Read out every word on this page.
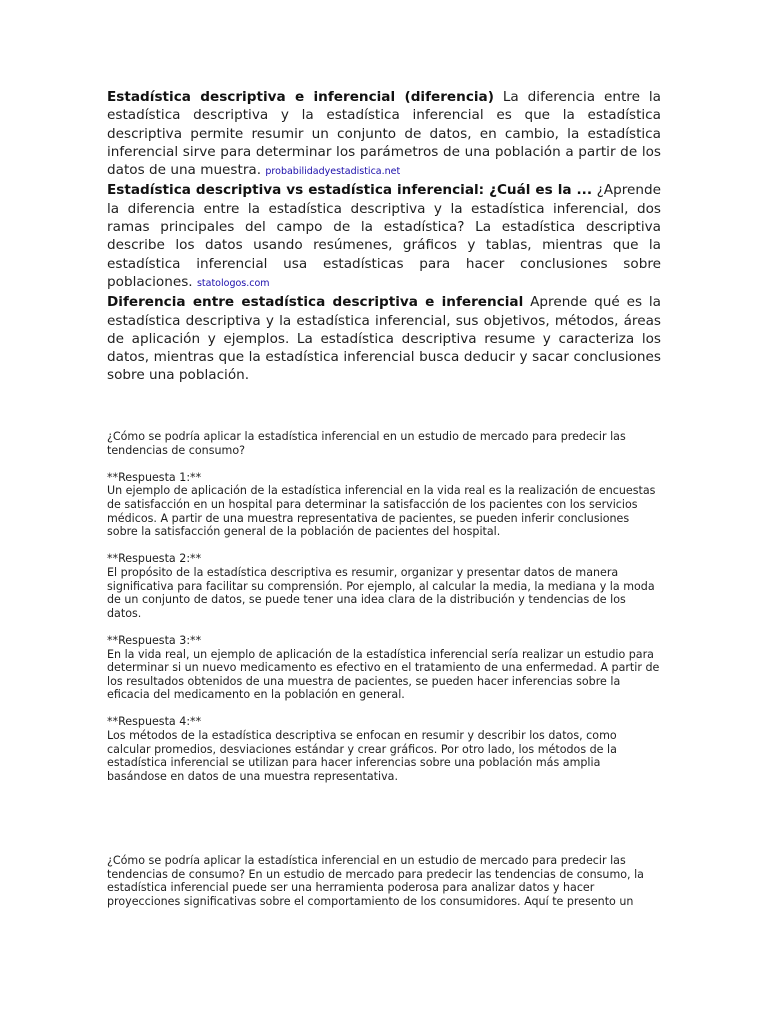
Estadística descriptiva e inferencial (diferencia) La diferencia entre la estadística descriptiva y la estadística inferencial es que la estadística descriptiva permite resumir un conjunto de datos, en cambio, la estadística inferencial sirve para determinar los parámetros de una población a partir de los datos de una muestra. probabilidadyestadistica.net

Estadística descriptiva vs estadística inferencial: ¿Cuál es la ... ¿Aprende la diferencia entre la estadística descriptiva y la estadística inferencial, dos ramas principales del campo de la estadística? La estadística descriptiva describe los datos usando resúmenes, gráficos y tablas, mientras que la estadística inferencial usa estadísticas para hacer conclusiones sobre poblaciones. statologos.com

Diferencia entre estadística descriptiva e inferencial Aprende qué es la estadística descriptiva y la estadística inferencial, sus objetivos, métodos, áreas de aplicación y ejemplos. La estadística descriptiva resume y caracteriza los datos, mientras que la estadística inferencial busca deducir y sacar conclusiones sobre una población.

¿Cómo se podría aplicar la estadística inferencial en un estudio de mercado para predecir las tendencias de consumo?

**Respuesta 1:**
Un ejemplo de aplicación de la estadística inferencial en la vida real es la realización de encuestas de satisfacción en un hospital para determinar la satisfacción de los pacientes con los servicios médicos. A partir de una muestra representativa de pacientes, se pueden inferir conclusiones sobre la satisfacción general de la población de pacientes del hospital.

**Respuesta 2:**
El propósito de la estadística descriptiva es resumir, organizar y presentar datos de manera significativa para facilitar su comprensión. Por ejemplo, al calcular la media, la mediana y la moda de un conjunto de datos, se puede tener una idea clara de la distribución y tendencias de los datos.

**Respuesta 3:**
En la vida real, un ejemplo de aplicación de la estadística inferencial sería realizar un estudio para determinar si un nuevo medicamento es efectivo en el tratamiento de una enfermedad. A partir de los resultados obtenidos de una muestra de pacientes, se pueden hacer inferencias sobre la eficacia del medicamento en la población en general.

**Respuesta 4:**
Los métodos de la estadística descriptiva se enfocan en resumir y describir los datos, como calcular promedios, desviaciones estándar y crear gráficos. Por otro lado, los métodos de la estadística inferencial se utilizan para hacer inferencias sobre una población más amplia basándose en datos de una muestra representativa.

¿Cómo se podría aplicar la estadística inferencial en un estudio de mercado para predecir las tendencias de consumo? En un estudio de mercado para predecir las tendencias de consumo, la estadística inferencial puede ser una herramienta poderosa para analizar datos y hacer proyecciones significativas sobre el comportamiento de los consumidores. Aquí te presento un
